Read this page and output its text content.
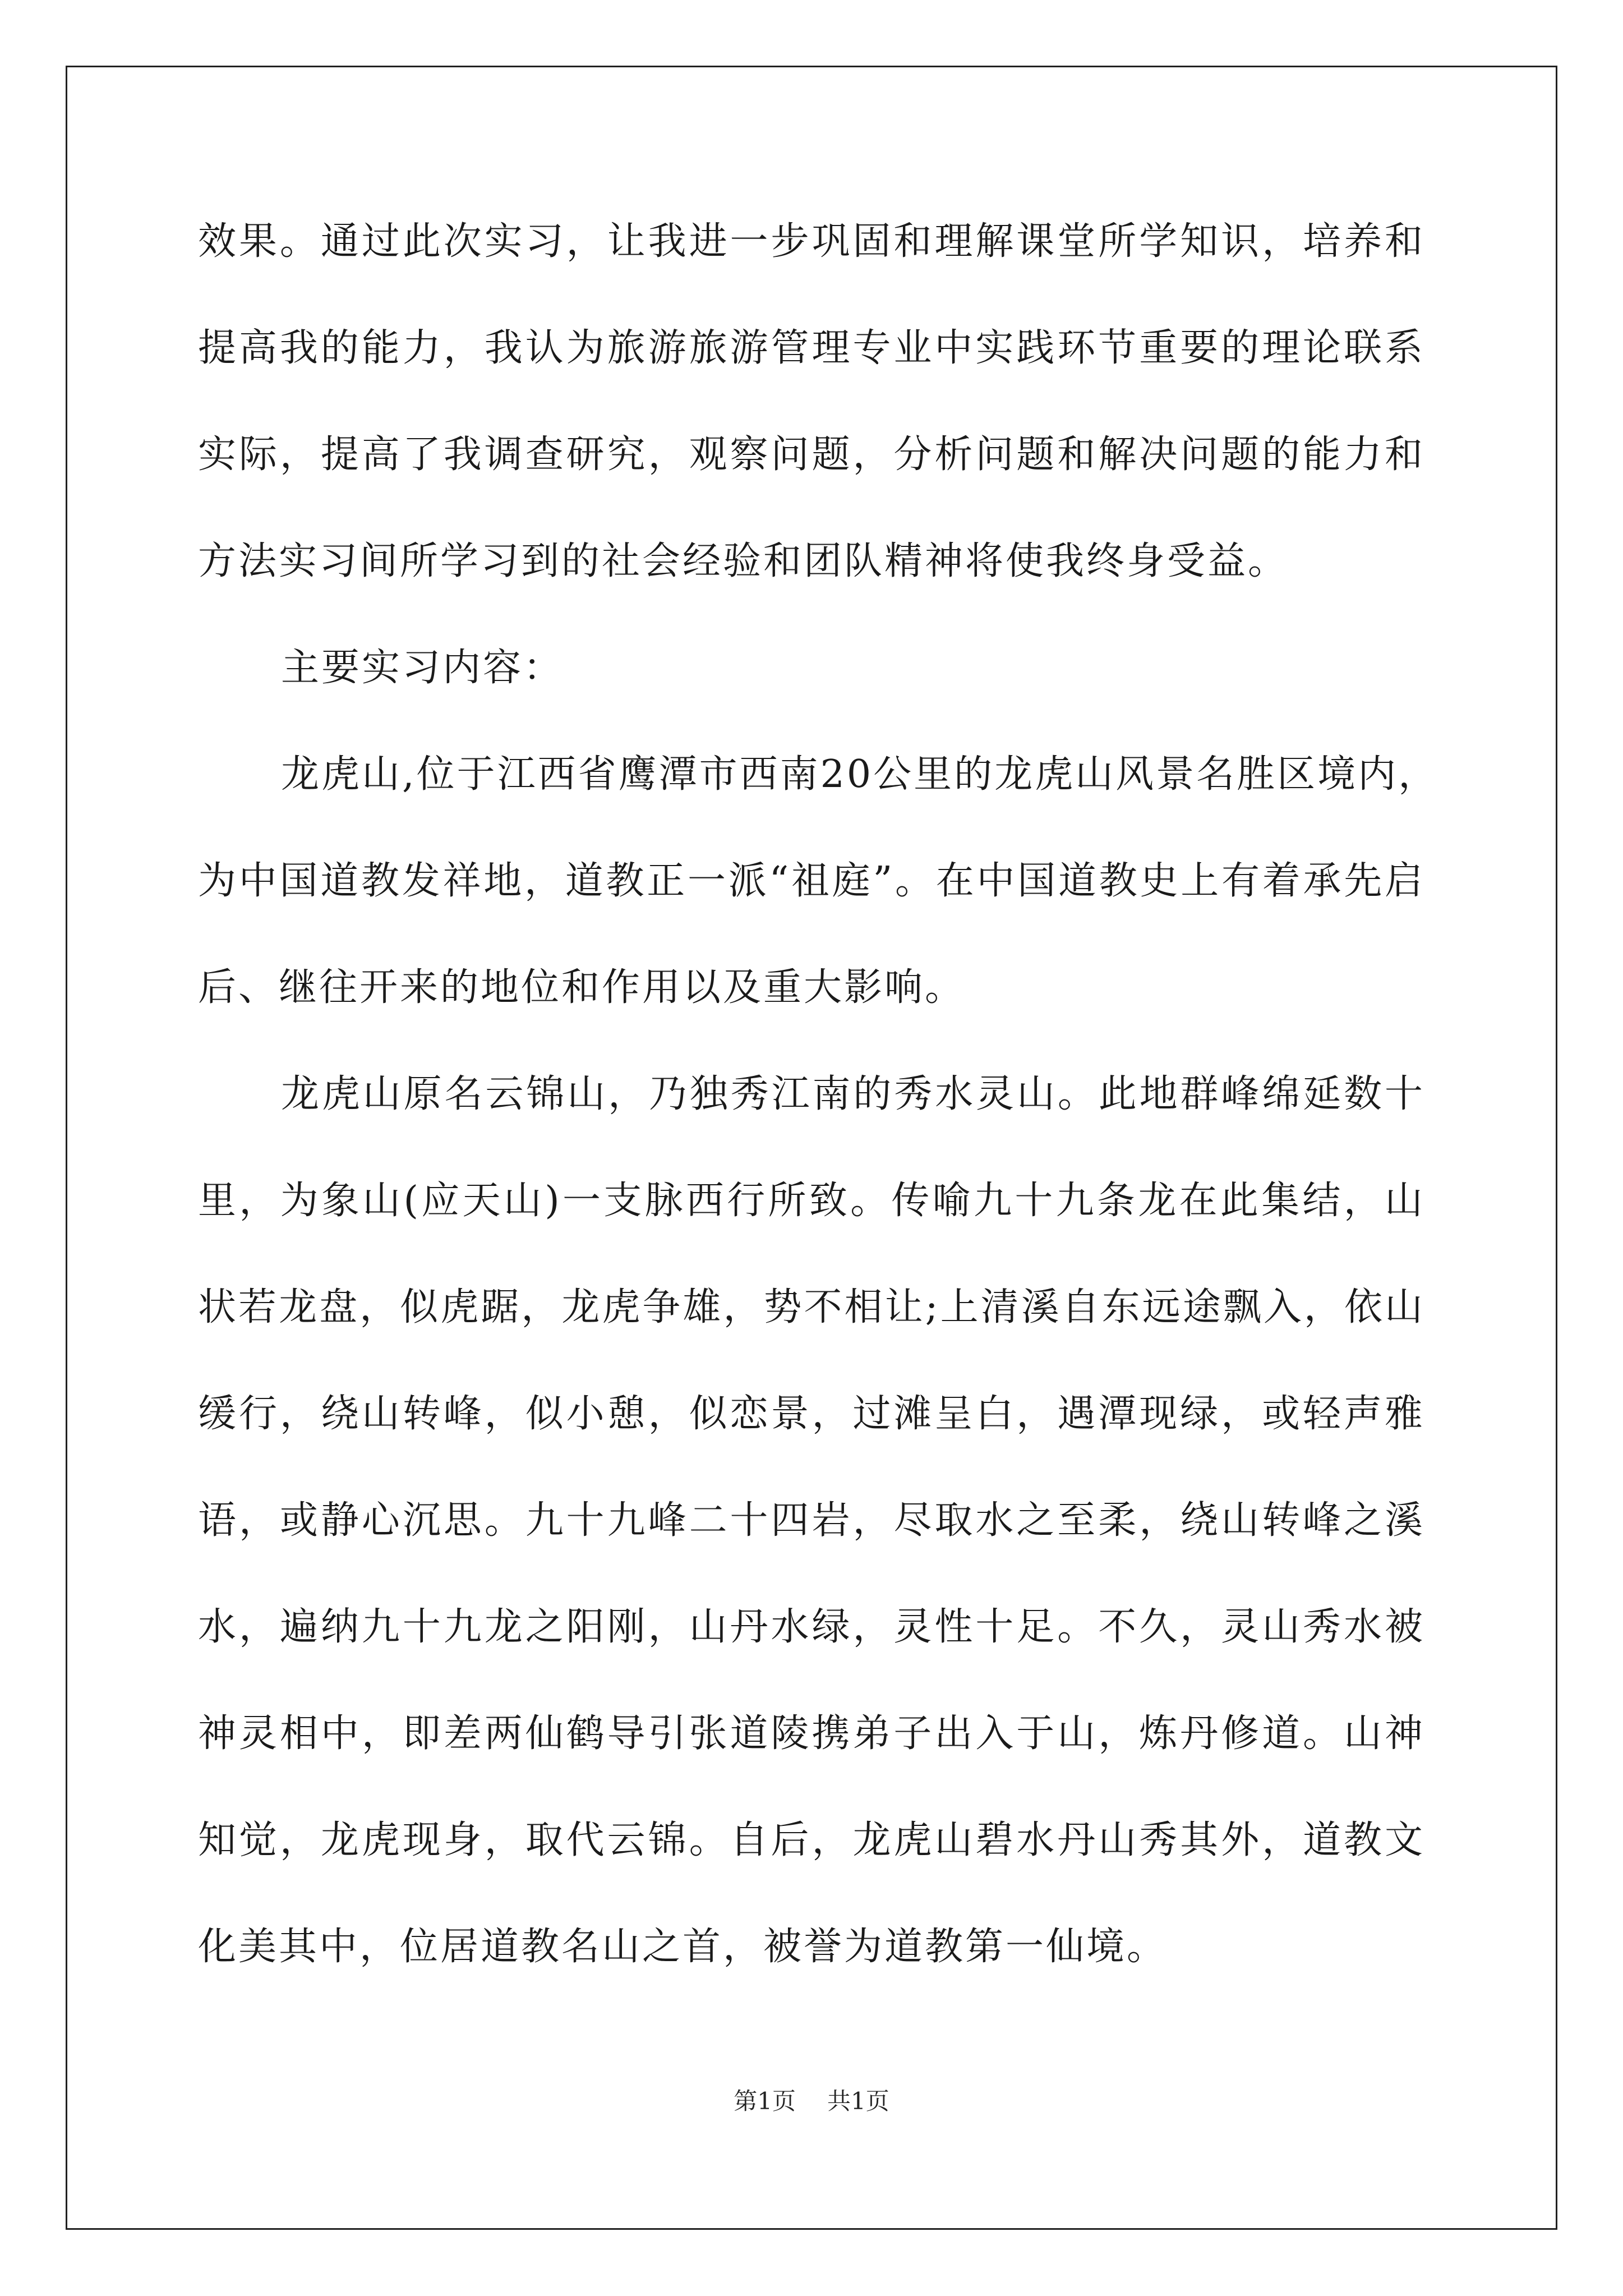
效果。通过此次实习，让我进一步巩固和理解课堂所学知识，培养和
提高我的能力，我认为旅游旅游管理专业中实践环节重要的理论联系
实际，提高了我调查研究，观察问题，分析问题和解决问题的能力和
方法实习间所学习到的社会经验和团队精神将使我终身受益。
主要实习内容：
龙虎山,位于江西省鹰潭市西南20公里的龙虎山风景名胜区境内，
为中国道教发祥地，道教正一派“祖庭”。在中国道教史上有着承先启
后、继往开来的地位和作用以及重大影响。
龙虎山原名云锦山，乃独秀江南的秀水灵山。此地群峰绵延数十
里，为象山(应天山)一支脉西行所致。传喻九十九条龙在此集结，山
状若龙盘，似虎踞，龙虎争雄，势不相让;上清溪自东远途飘入，依山
缓行，绕山转峰，似小憩，似恋景，过滩呈白，遇潭现绿，或轻声雅
语，或静心沉思。九十九峰二十四岩，尽取水之至柔，绕山转峰之溪
水，遍纳九十九龙之阳刚，山丹水绿，灵性十足。不久，灵山秀水被
神灵相中，即差两仙鹤导引张道陵携弟子出入于山，炼丹修道。山神
知觉，龙虎现身，取代云锦。自后，龙虎山碧水丹山秀其外，道教文
化美其中，位居道教名山之首，被誉为道教第一仙境。
第1页 共1页
